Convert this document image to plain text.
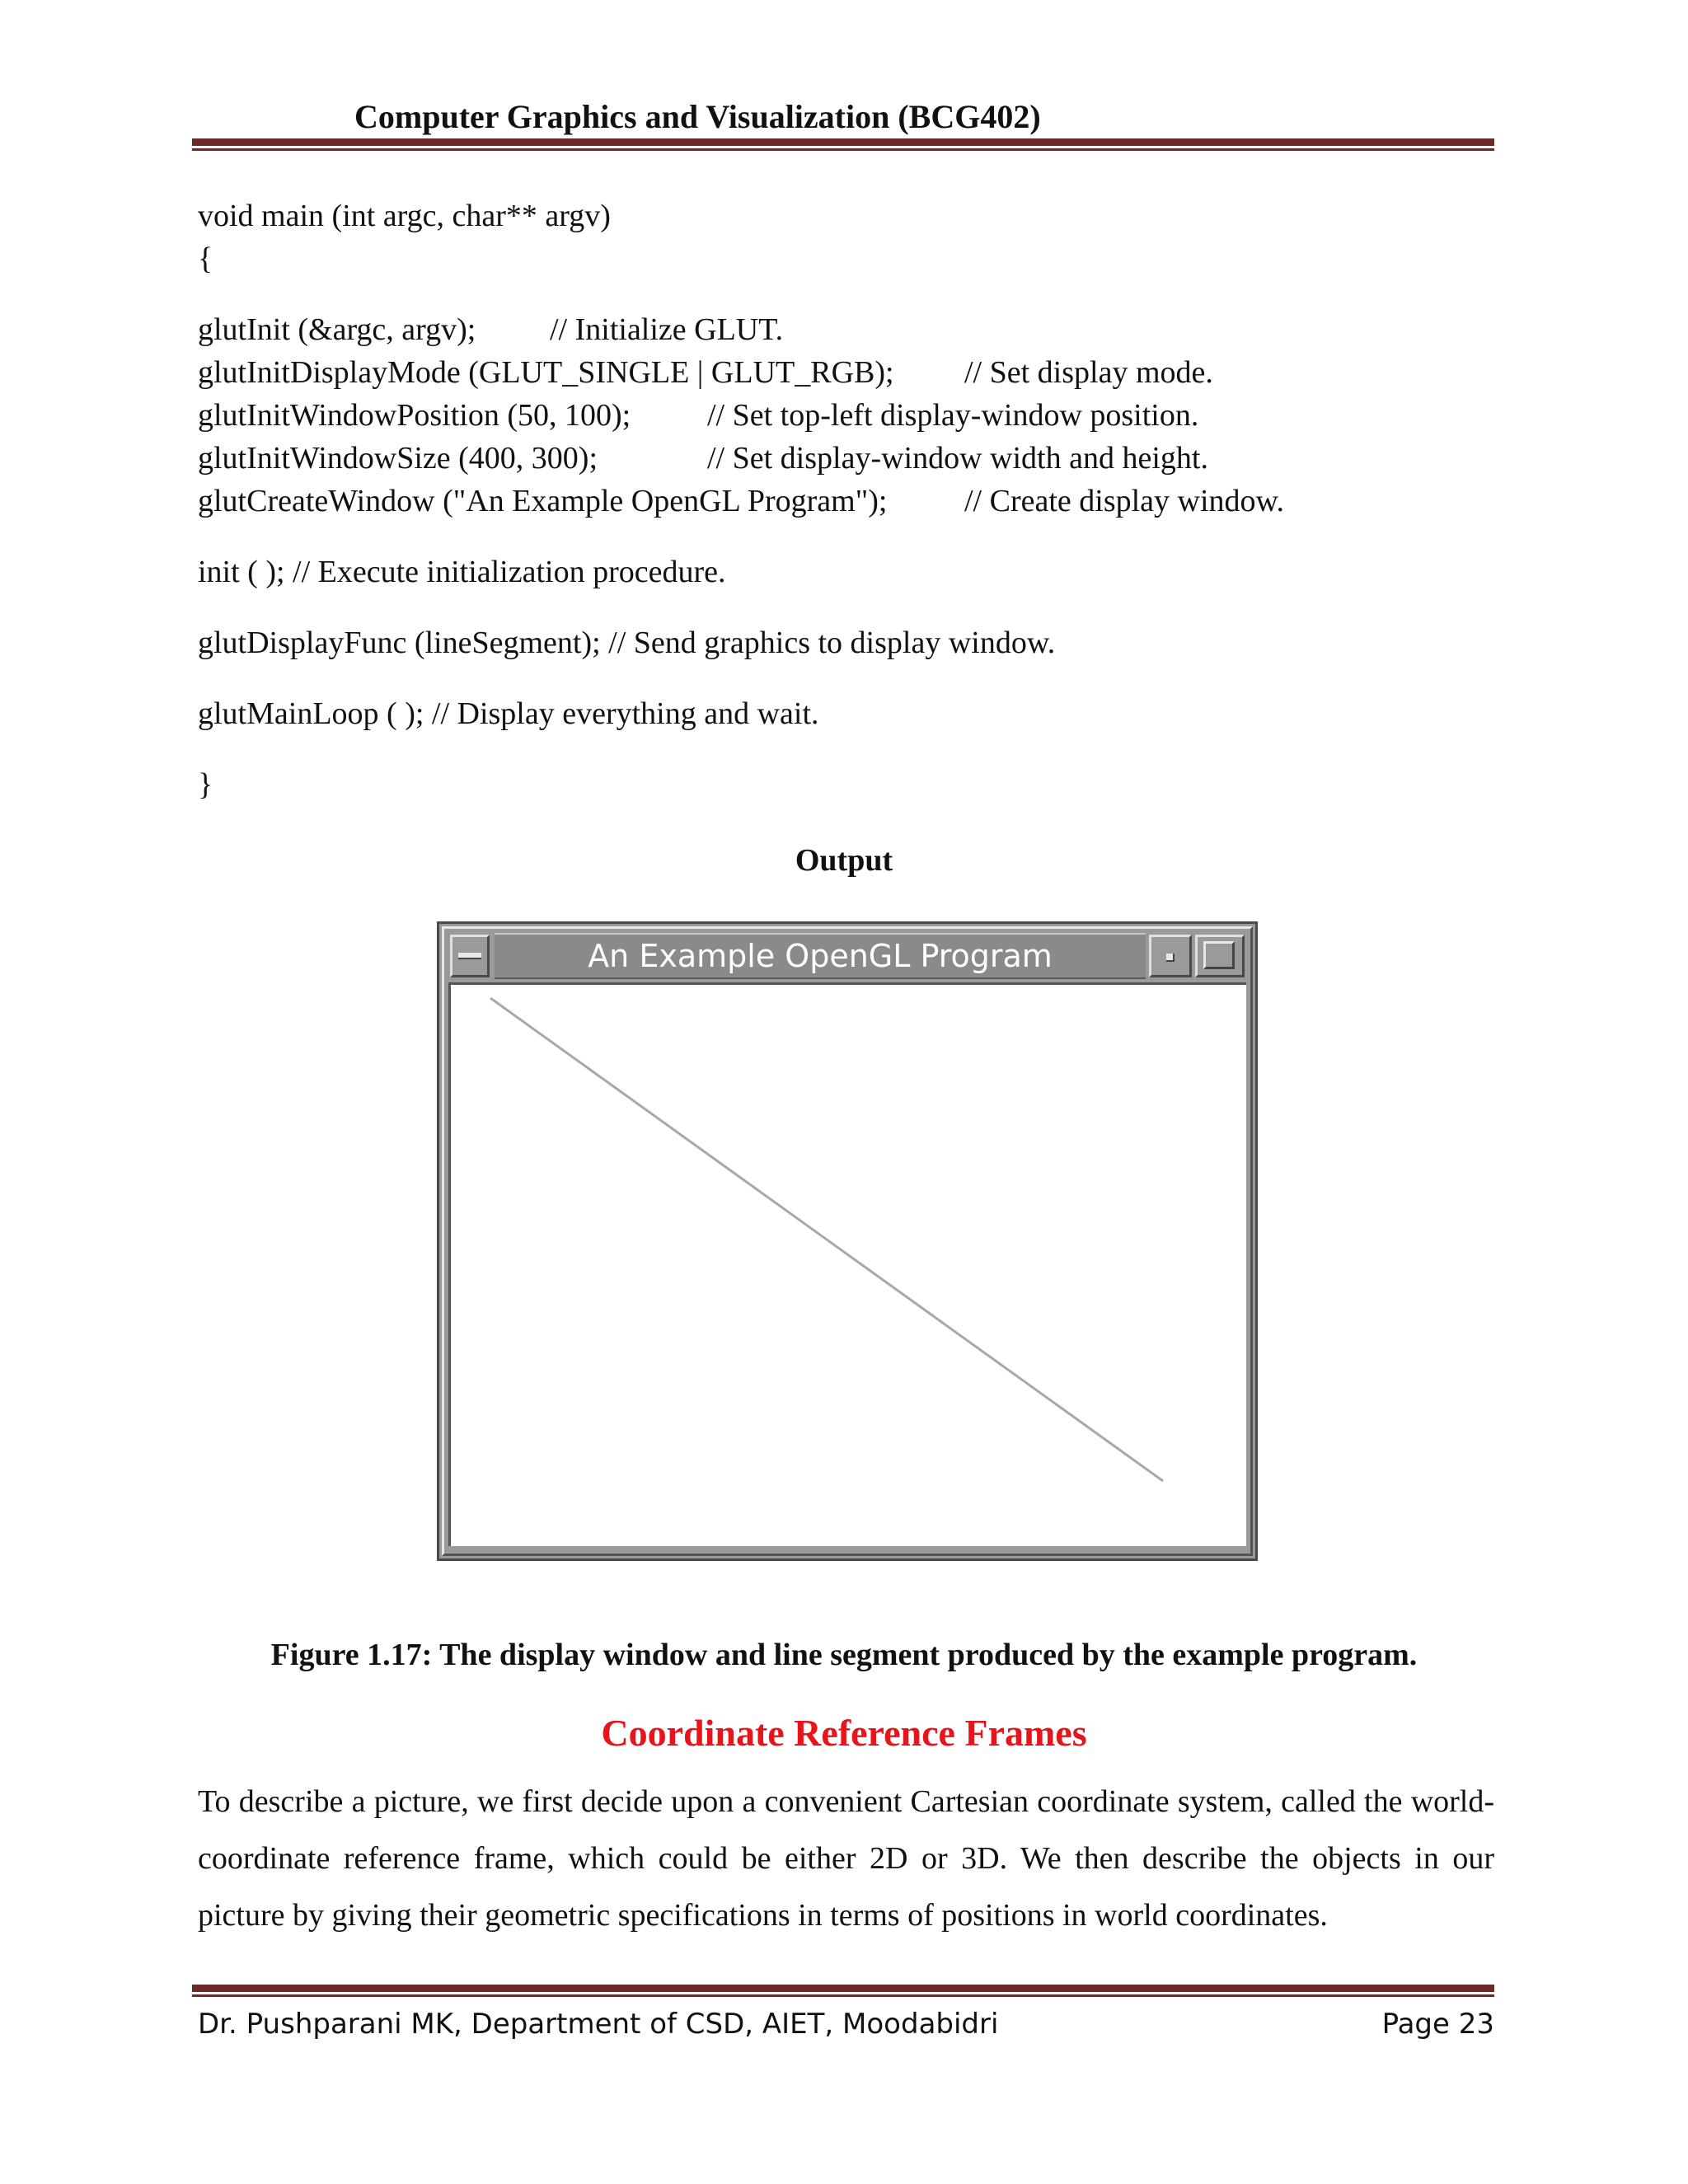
Computer Graphics and Visualization (BCG402)
void main (int argc, char** argv)
{
glutInit (&argc, argv); // Initialize GLUT.
glutInitDisplayMode (GLUT_SINGLE | GLUT_RGB); // Set display mode.
glutInitWindowPosition (50, 100); // Set top-left display-window position.
glutInitWindowSize (400, 300);	// Set display-window width and height.
glutCreateWindow ("An Example OpenGL Program"); // Create display window.
init ( ); // Execute initialization procedure.
glutDisplayFunc (lineSegment); // Send graphics to display window.
glutMainLoop ( ); // Display everything and wait.
}
Output
An Example OpenGL Program
Figure 1.17: The display window and line segment produced by the example program.
Coordinate Reference Frames
To describe a picture, we first decide upon a convenient Cartesian coordinate system, called the world-coordinate reference frame, which could be either 2D or 3D. We then describe the objects in our picture by giving their geometric specifications in terms of positions in world coordinates.
Dr. Pushparani MK, Department of CSD, AIET, Moodabidri	Page 23
